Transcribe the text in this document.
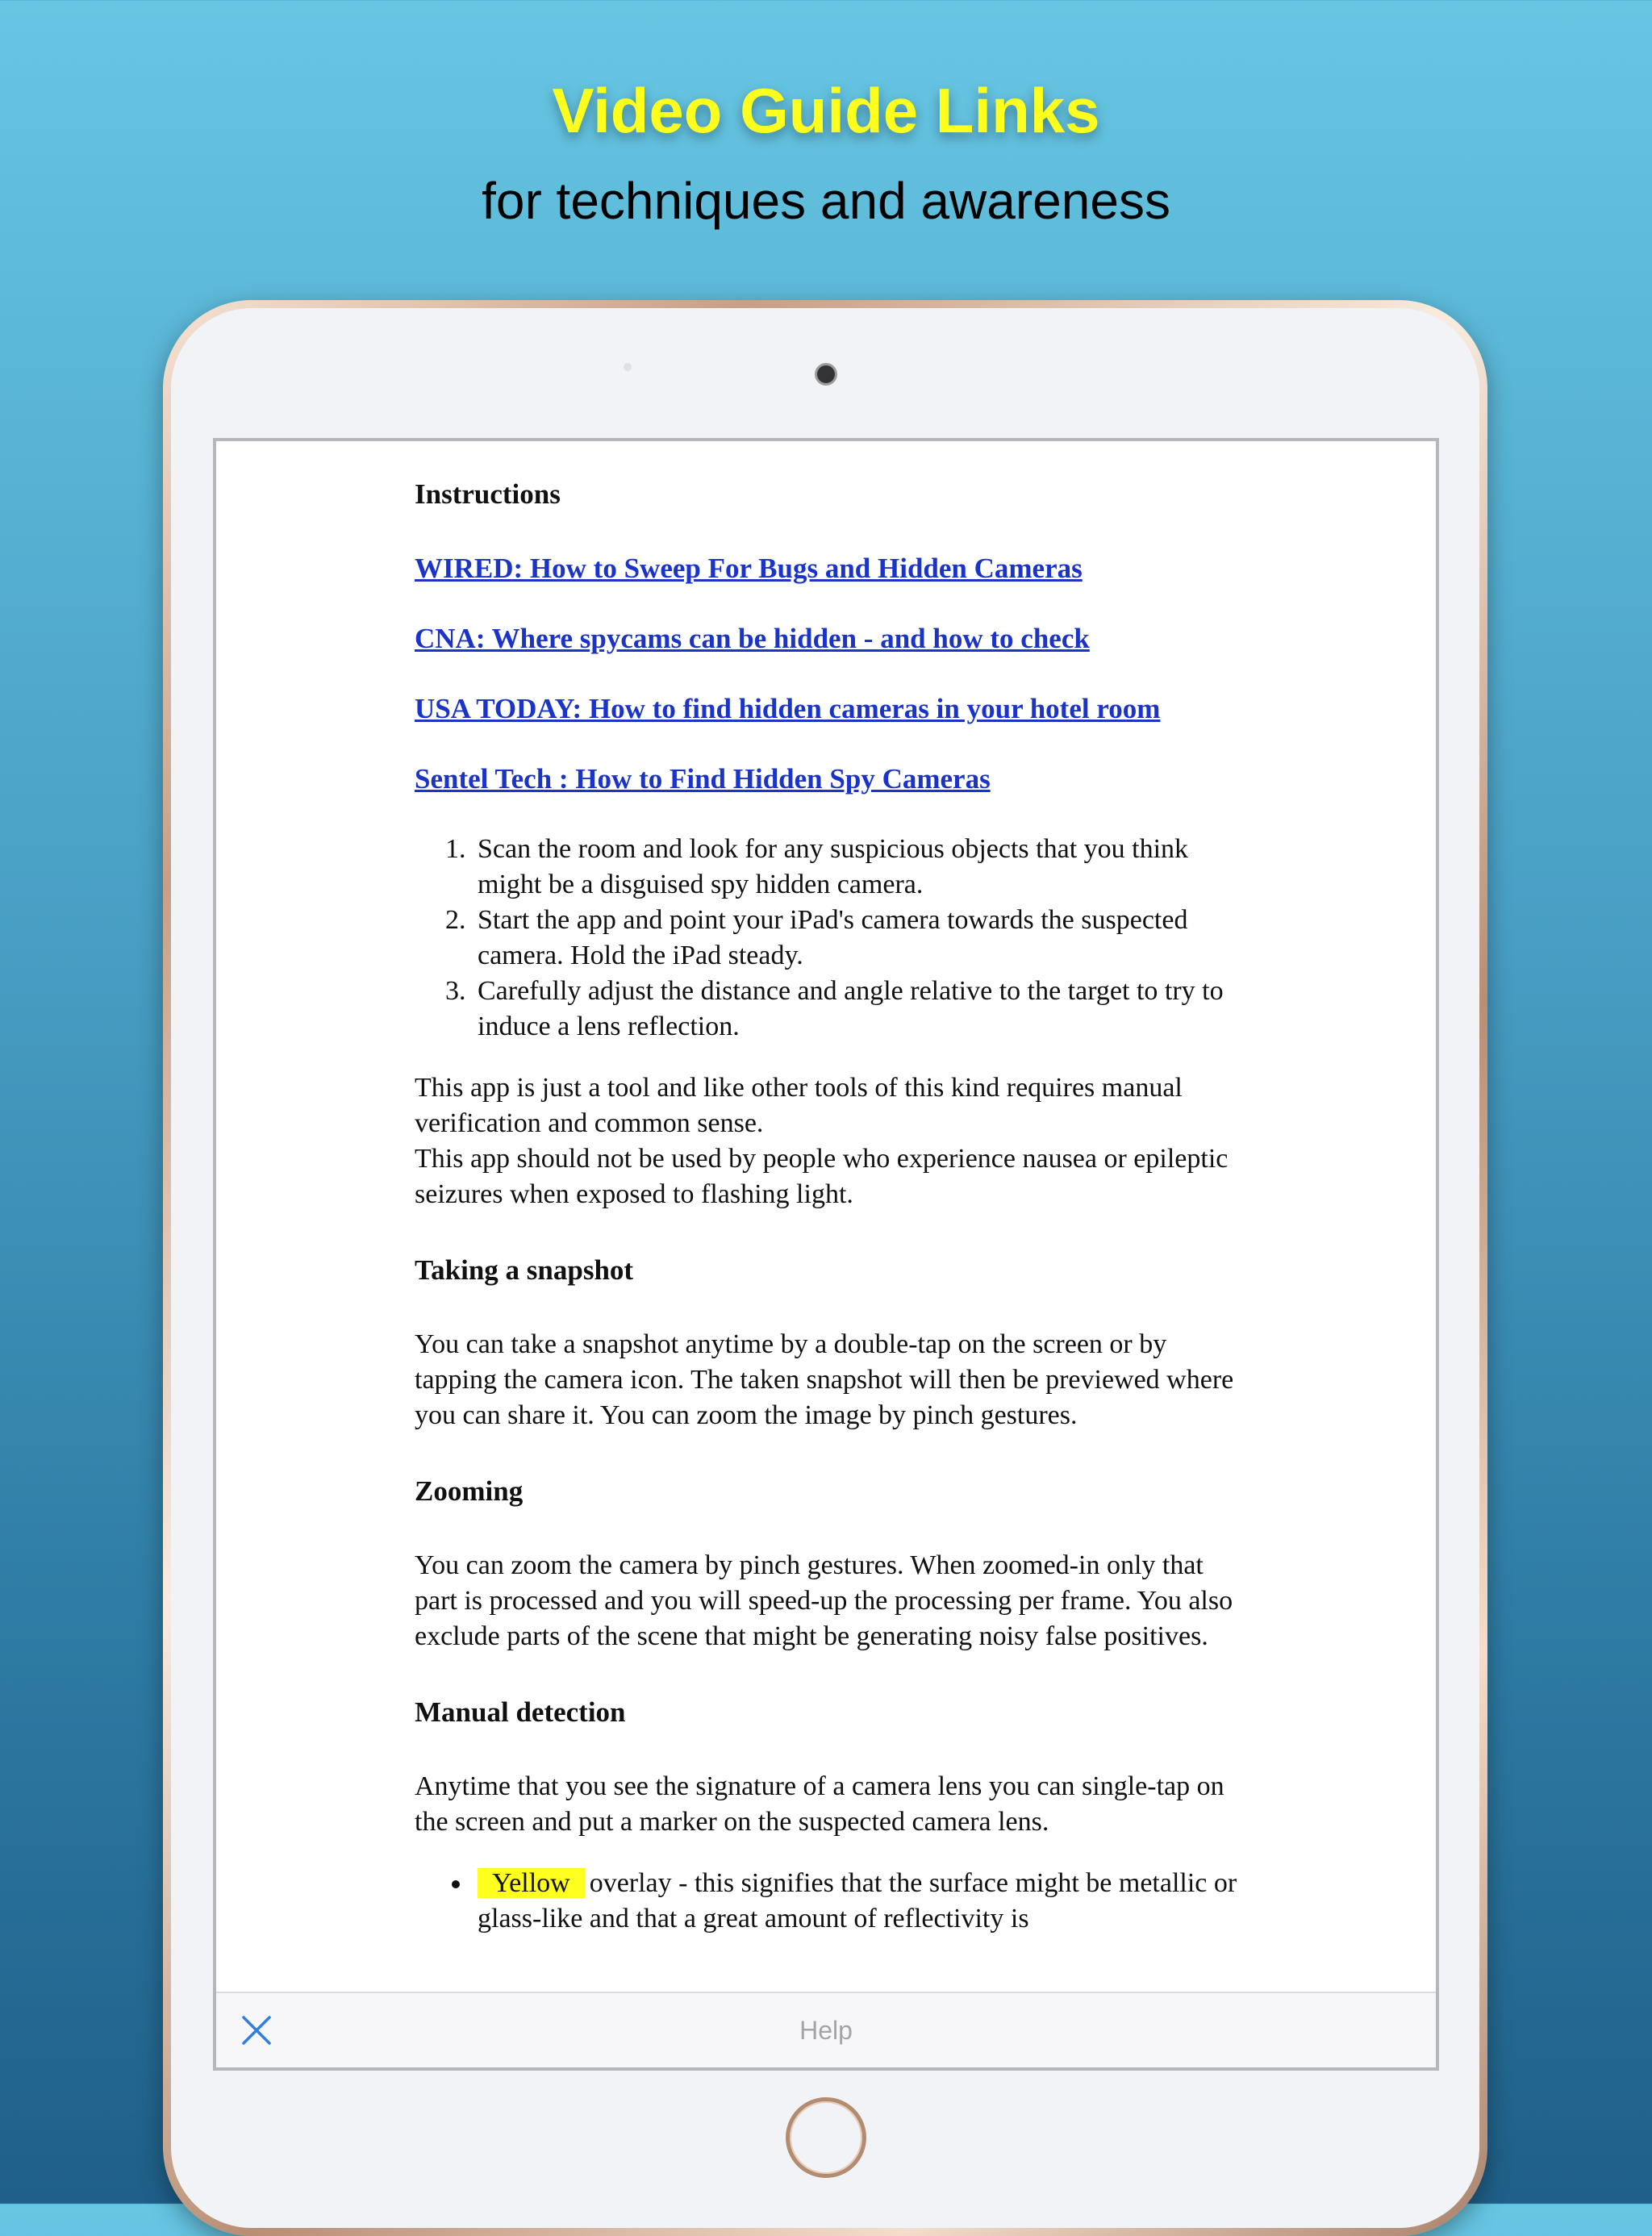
Video Guide Links
for techniques and awareness
Instructions
WIRED: How to Sweep For Bugs and Hidden Cameras
CNA: Where spycams can be hidden - and how to check
USA TODAY: How to find hidden cameras in your hotel room
Sentel Tech : How to Find Hidden Spy Cameras
1. Scan the room and look for any suspicious objects that you think might be a disguised spy hidden camera.
2. Start the app and point your iPad's camera towards the suspected camera. Hold the iPad steady.
3. Carefully adjust the distance and angle relative to the target to try to induce a lens reflection.

This app is just a tool and like other tools of this kind requires manual verification and common sense.

This app should not be used by people who experience nausea or epileptic seizures when exposed to flashing light.

Taking a snapshot

You can take a snapshot anytime by a double-tap on the screen or by tapping the camera icon. The taken snapshot will then be previewed where you can share it. You can zoom the image by pinch gestures.

Zooming

You can zoom the camera by pinch gestures. When zoomed-in only that part is processed and you will speed-up the processing per frame. You also exclude parts of the scene that might be generating noisy false positives.

Manual detection

Anytime that you see the signature of a camera lens you can single-tap on the screen and put a marker on the suspected camera lens.

• Yellow overlay - this signifies that the surface might be metallic or glass-like and that a great amount of reflectivity is
Help
